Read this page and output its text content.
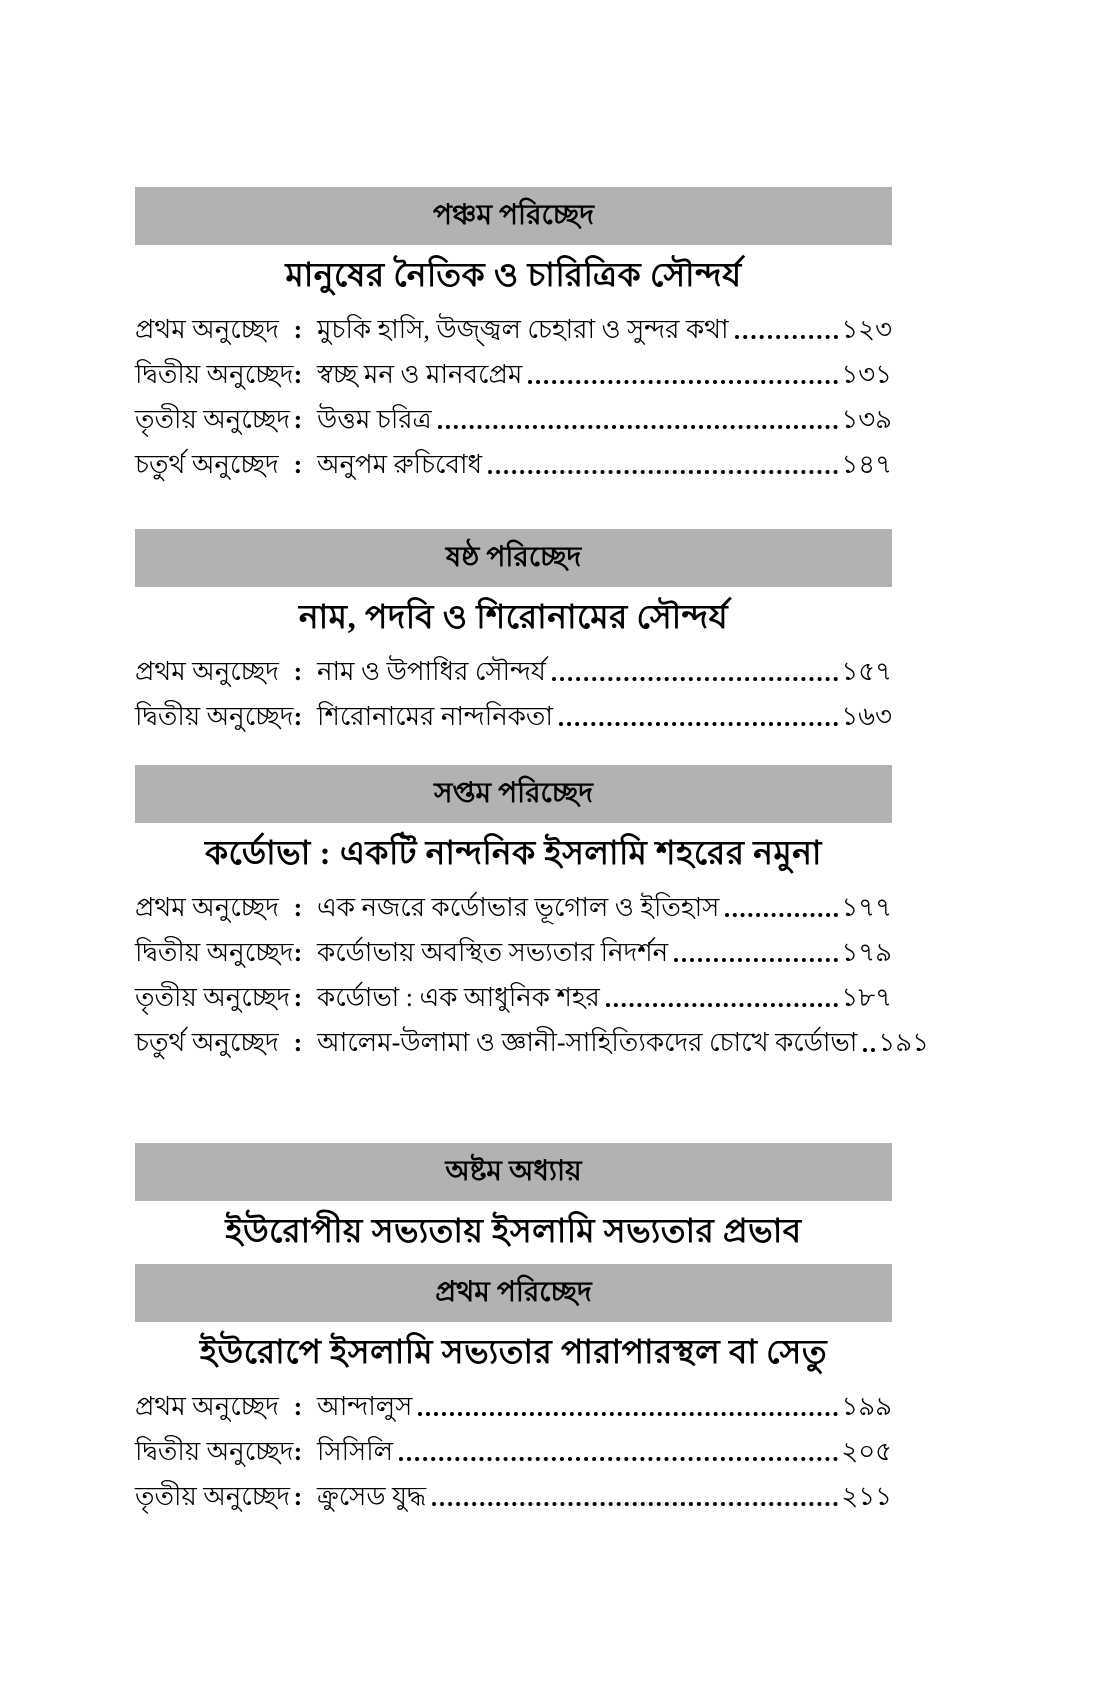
পঞ্চম পরিচ্ছেদ
মানুষের নৈতিক ও চারিত্রিক সৌন্দর্য
প্রথম অনুচ্ছেদ : মুচকি হাসি, উজ্জ্বল চেহারা ও সুন্দর কথা	১২৩
দ্বিতীয় অনুচ্ছেদ : স্বচ্ছ মন ও মানবপ্রেম	১৩১
তৃতীয় অনুচ্ছেদ : উত্তম চরিত্র	১৩৯
চতুর্থ অনুচ্ছেদ : অনুপম রুচিবোধ	১৪৭
ষষ্ঠ পরিচ্ছেদ
নাম, পদবি ও শিরোনামের সৌন্দর্য
প্রথম অনুচ্ছেদ : নাম ও উপাধির সৌন্দর্য	১৫৭
দ্বিতীয় অনুচ্ছেদ : শিরোনামের নান্দনিকতা	১৬৩
সপ্তম পরিচ্ছেদ
কর্ডোভা : একটি নান্দনিক ইসলামি শহরের নমুনা
প্রথম অনুচ্ছেদ : এক নজরে কর্ডোভার ভূগোল ও ইতিহাস	১৭৭
দ্বিতীয় অনুচ্ছেদ : কর্ডোভায় অবস্থিত সভ্যতার নিদর্শন	১৭৯
তৃতীয় অনুচ্ছেদ : কর্ডোভা : এক আধুনিক শহর	১৮৭
চতুর্থ অনুচ্ছেদ : আলেম-উলামা ও জ্ঞানী-সাহিত্যিকদের চোখে কর্ডোভা ১৯১
অষ্টম অধ্যায়
ইউরোপীয় সভ্যতায় ইসলামি সভ্যতার প্রভাব
প্রথম পরিচ্ছেদ
ইউরোপে ইসলামি সভ্যতার পারাপারস্থল বা সেতু
প্রথম অনুচ্ছেদ : আন্দালুস	১৯৯
দ্বিতীয় অনুচ্ছেদ : সিসিলি	২০৫
তৃতীয় অনুচ্ছেদ : ক্রুসেড যুদ্ধ	২১১
